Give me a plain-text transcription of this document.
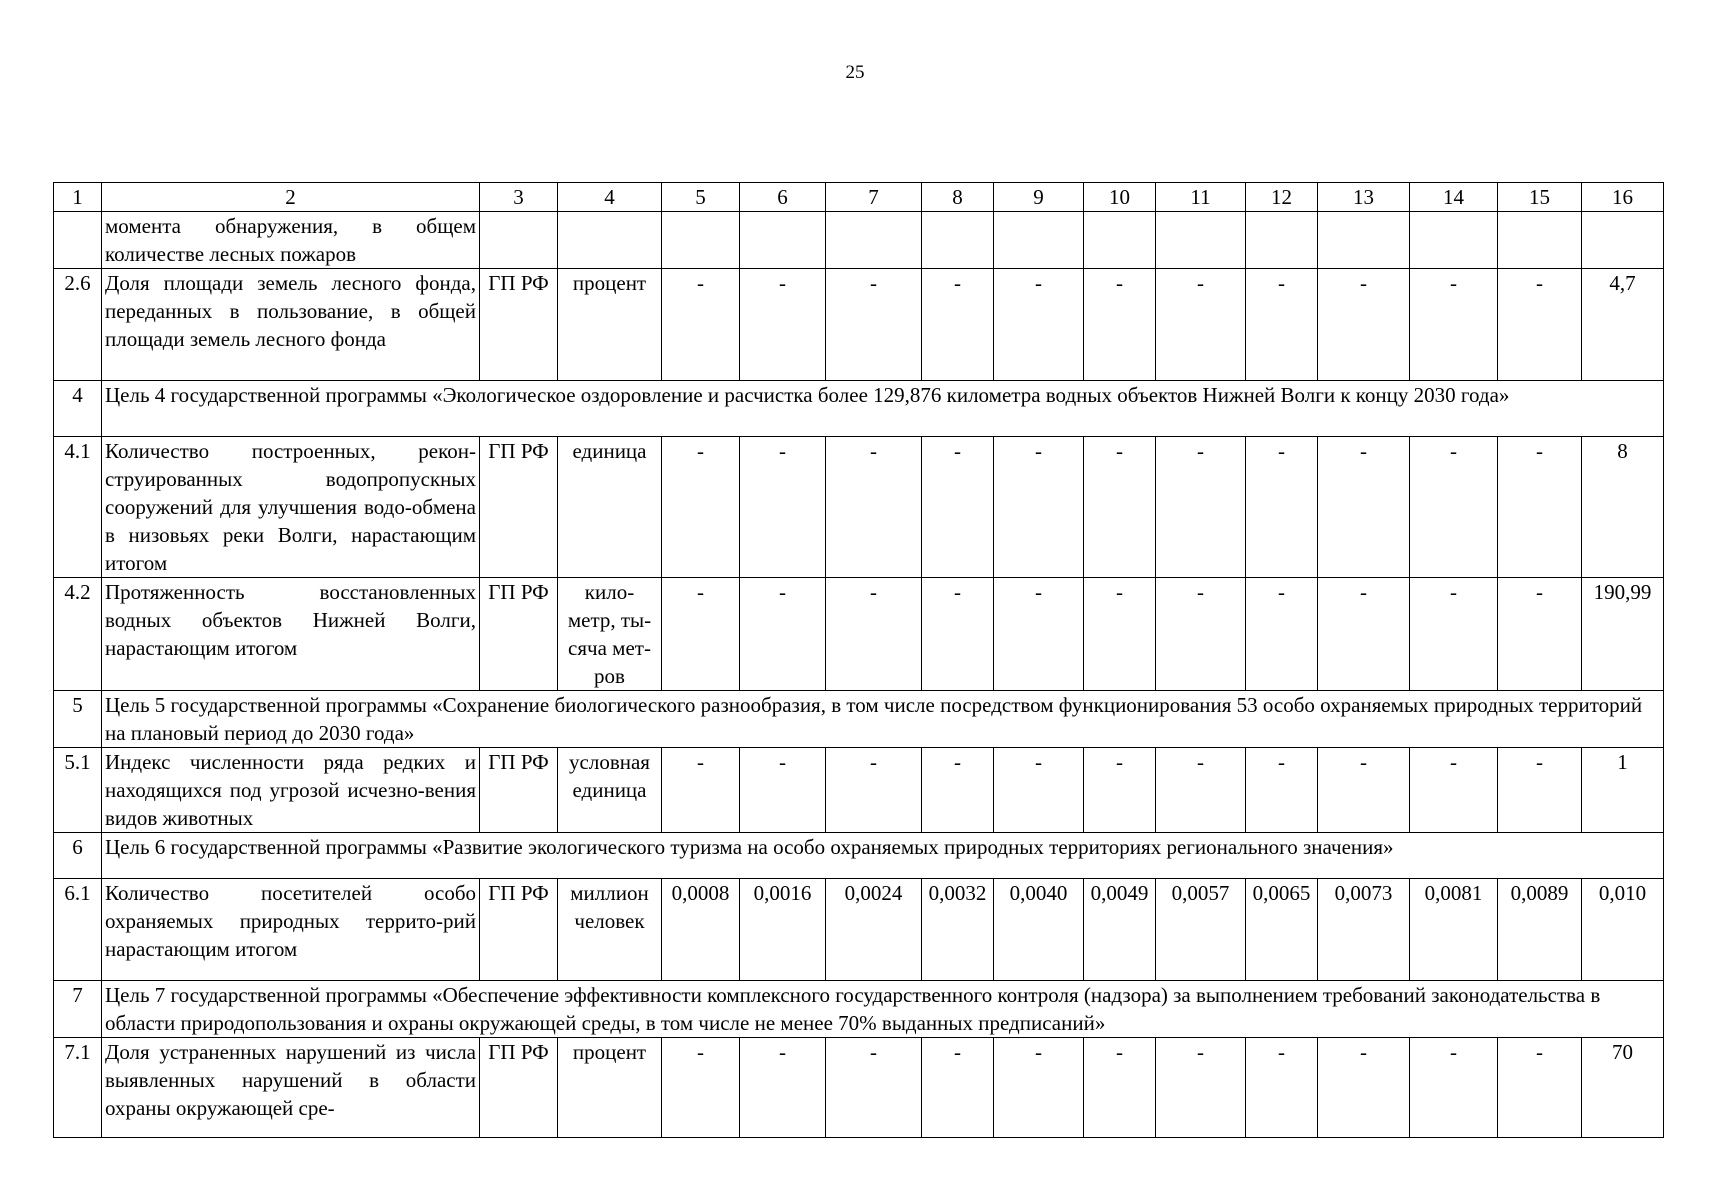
25
1	2	3	4	5	6	7	8	9	10	11	12	13	14	15	16
	момента обнаружения, в общем количестве лесных пожаров														
2.6	Доля площади земель лесного фонда, переданных в пользование, в общей площади земель лесного фонда	ГП РФ	процент	-	-	-	-	-	-	-	-	-	-	-	4,7
4	Цель 4 государственной программы «Экологическое оздоровление и расчистка более 129,876 километра водных объектов Нижней Волги к концу 2030 года»														
4.1	Количество построенных, рекон-струированных водопропускных сооружений для улучшения водо-обмена в низовьях реки Волги, нарастающим итогом	ГП РФ	единица	-	-	-	-	-	-	-	-	-	-	-	8
4.2	Протяженность восстановленных водных объектов Нижней Волги, нарастающим итогом	ГП РФ	кило-метр, ты-сяча мет-ров	-	-	-	-	-	-	-	-	-	-	-	190,99
5	Цель 5 государственной программы «Сохранение биологического разнообразия, в том числе посредством функционирования 53 особо охраняемых природных территорий на плановый период до 2030 года»														
5.1	Индекс численности ряда редких и находящихся под угрозой исчезно-вения видов животных	ГП РФ	условная единица	-	-	-	-	-	-	-	-	-	-	-	1
6	Цель 6 государственной программы «Развитие экологического туризма на особо охраняемых природных территориях регионального значения»														
6.1	Количество посетителей особо охраняемых природных террито-рий нарастающим итогом	ГП РФ	миллион человек	0,0008	0,0016	0,0024	0,0032	0,0040	0,0049	0,0057	0,0065	0,0073	0,0081	0,0089	0,010
7	Цель 7 государственной программы «Обеспечение эффективности комплексного государственного контроля (надзора) за выполнением требований законодательства в области природопользования и охраны окружающей среды, в том числе не менее 70% выданных предписаний»														
7.1	Доля устраненных нарушений из числа выявленных нарушений в области охраны окружающей сре-	ГП РФ	процент	-	-	-	-	-	-	-	-	-	-	-	70
